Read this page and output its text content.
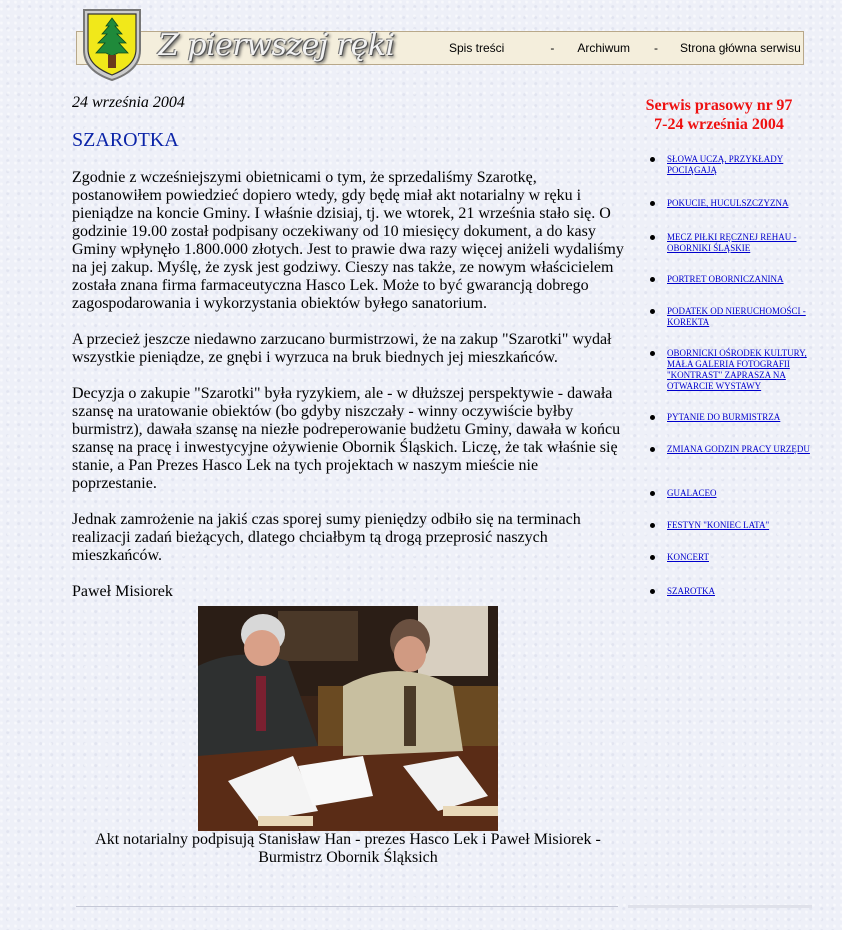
Z pierwszej ręki	Spis treści	- Archiwum - Strona główna serwisu

24 września 2004

SZAROTKA

Zgodnie z wcześniejszymi obietnicami o tym, że sprzedaliśmy Szarotkę, postanowiłem powiedzieć dopiero wtedy, gdy będę miał akt notarialny w ręku i pieniądze na koncie Gminy. I właśnie dzisiaj, tj. we wtorek, 21 września stało się. O godzinie 19.00 został podpisany oczekiwany od 10 miesięcy dokument, a do kasy Gminy wpłynęło 1.800.000 złotych. Jest to prawie dwa razy więcej aniżeli wydaliśmy na jej zakup. Myślę, że zysk jest godziwy. Cieszy nas także, ze nowym właścicielem została znana firma farmaceutyczna Hasco Lek. Może to być gwarancją dobrego zagospodarowania i wykorzystania obiektów byłego sanatorium.

A przecież jeszcze niedawno zarzucano burmistrzowi, że na zakup "Szarotki" wydał wszystkie pieniądze, ze gnębi i wyrzuca na bruk biednych jej mieszkańców.

Decyzja o zakupie "Szarotki" była ryzykiem, ale - w dłuższej perspektywie - dawała szansę na uratowanie obiektów (bo gdyby niszczały - winny oczywiście byłby burmistrz), dawała szansę na niezłe podreperowanie budżetu Gminy, dawała w końcu szansę na pracę i inwestycyjne ożywienie Obornik Śląskich. Liczę, że tak właśnie się stanie, a Pan Prezes Hasco Lek na tych projektach w naszym mieście nie poprzestanie.

Jednak zamrożenie na jakiś czas sporej sumy pieniędzy odbiło się na terminach realizacji zadań bieżących, dlatego chciałbym tą drogą przeprosić naszych mieszkańców.

Paweł Misiorek

Akt notarialny podpisują Stanisław Han - prezes Hasco Lek i Paweł Misiorek - Burmistrz Obornik Śląksich

Serwis prasowy nr 97

7-24 września 2004

SŁOWA UCZĄ, PRZYKŁADY POCIĄGAJĄ
POKUCIE, HUCULSZCZYZNA
MECZ PIŁKI RĘCZNEJ REHAU - OBORNIKI ŚLĄSKIE
PORTRET OBORNICZANINA
PODATEK OD NIERUCHOMOŚCI - KOREKTA
OBORNICKI OŚRODEK KULTURY, MAŁA GALERIA FOTOGRAFII "KONTRAST" ZAPRASZA NA OTWARCIE WYSTAWY
PYTANIE DO BURMISTRZA
ZMIANA GODZIN PRACY URZĘDU
GUALACEO
FESTYN "KONIEC LATA"
KONCERT
SZAROTKA
